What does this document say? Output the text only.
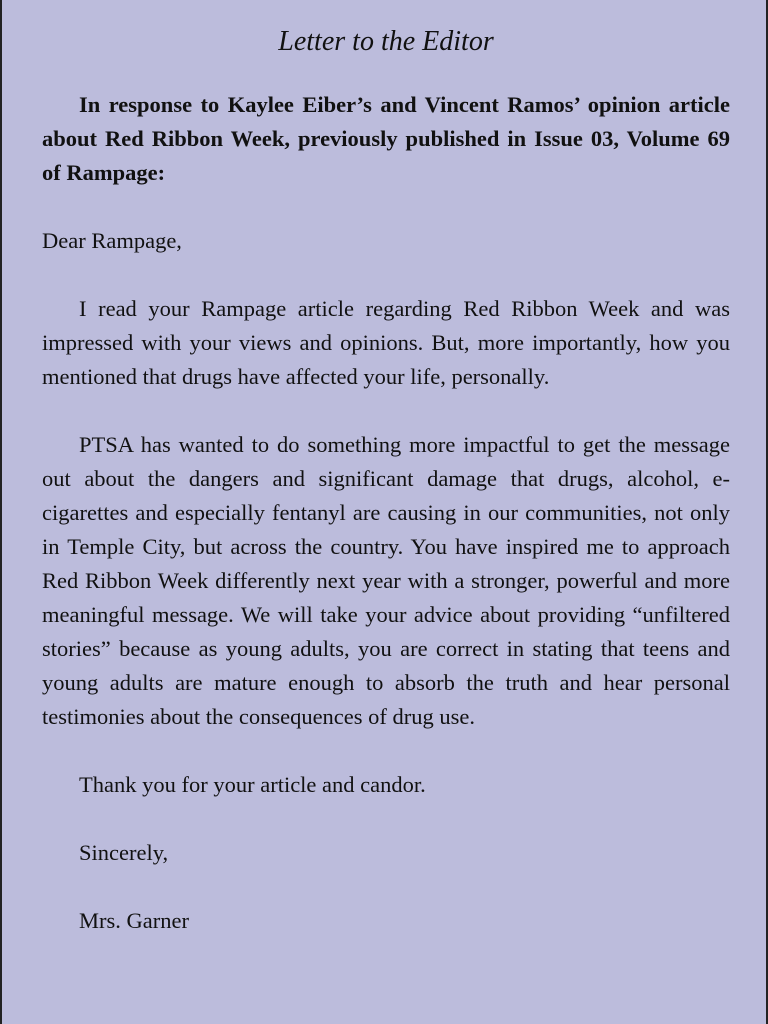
Letter to the Editor

In response to Kaylee Eiber’s and Vincent Ramos’ opinion article about Red Ribbon Week, previously published in Issue 03, Volume 69 of Rampage:

Dear Rampage,

I read your Rampage article regarding Red Ribbon Week and was impressed with your views and opinions. But, more importantly, how you mentioned that drugs have affected your life, personally.

PTSA has wanted to do something more impactful to get the message out about the dangers and significant damage that drugs, alcohol, e-cigarettes and especially fentanyl are causing in our communities, not only in Temple City, but across the country. You have inspired me to approach Red Ribbon Week differently next year with a stronger, powerful and more meaningful message. We will take your advice about providing “unfiltered stories” because as young adults, you are correct in stating that teens and young adults are mature enough to absorb the truth and hear personal testimonies about the consequences of drug use.

Thank you for your article and candor.

Sincerely,

Mrs. Garner
